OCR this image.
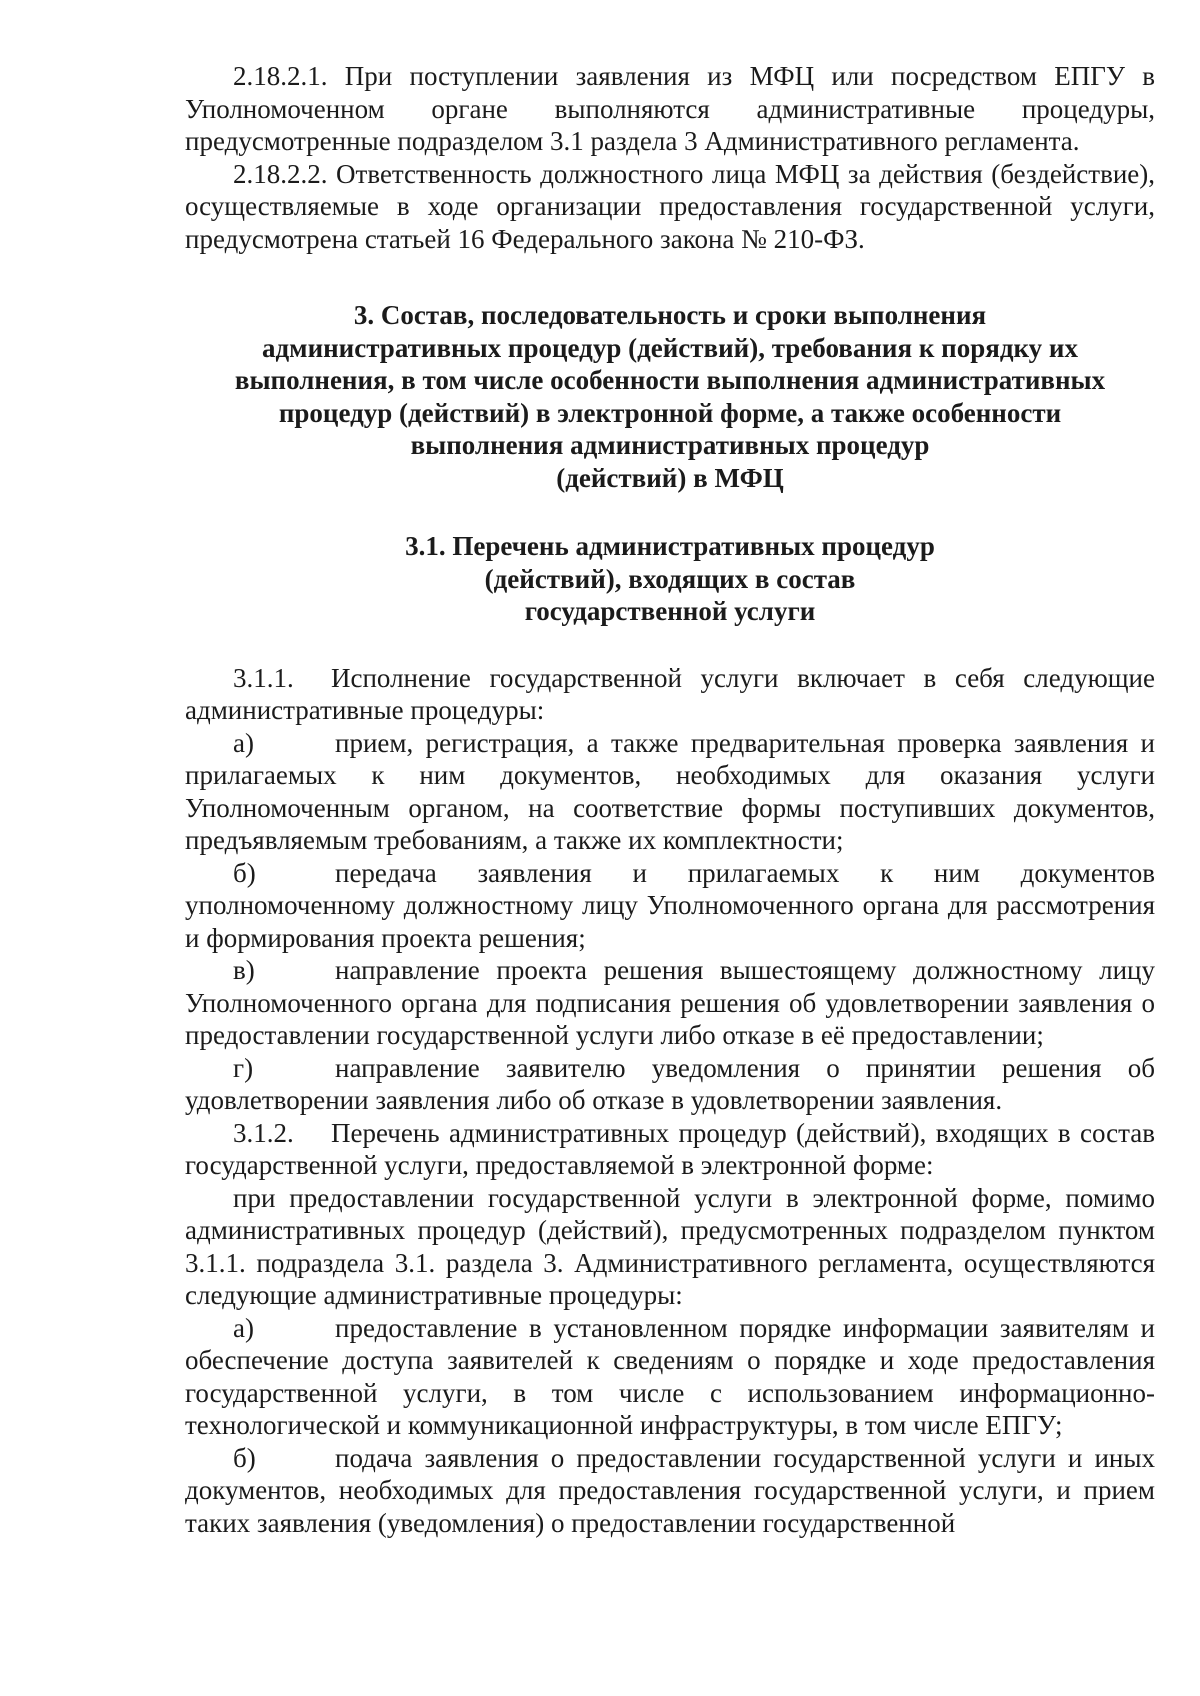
2.18.2.1. При поступлении заявления из МФЦ или посредством ЕПГУ в Уполномоченном органе выполняются административные процедуры, предусмотренные подразделом 3.1 раздела 3 Административного регламента.

2.18.2.2. Ответственность должностного лица МФЦ за действия (бездействие), осуществляемые в ходе организации предоставления государственной услуги, предусмотрена статьей 16 Федерального закона № 210-ФЗ.

3. Состав, последовательность и сроки выполнения
административных процедур (действий), требования к порядку их
выполнения, в том числе особенности выполнения административных
процедур (действий) в электронной форме, а также особенности
выполнения административных процедур
(действий) в МФЦ

3.1. Перечень административных процедур
(действий), входящих в состав
государственной услуги

3.1.1. Исполнение государственной услуги включает в себя следующие административные процедуры:

а)	прием, регистрация, а также предварительная проверка заявления и прилагаемых к ним документов, необходимых для оказания услуги Уполномоченным органом, на соответствие формы поступивших документов, предъявляемым требованиям, а также их комплектности;

б)	передача заявления и прилагаемых к ним документов уполномоченному должностному лицу Уполномоченного органа для рассмотрения и формирования проекта решения;

в)	направление проекта решения вышестоящему должностному лицу Уполномоченного органа для подписания решения об удовлетворении заявления о предоставлении государственной услуги либо отказе в её предоставлении;

г)	направление заявителю уведомления о принятии решения об удовлетворении заявления либо об отказе в удовлетворении заявления.

3.1.2. Перечень административных процедур (действий), входящих в состав государственной услуги, предоставляемой в электронной форме:

при предоставлении государственной услуги в электронной форме, помимо административных процедур (действий), предусмотренных подразделом пунктом 3.1.1. подраздела 3.1. раздела 3. Административного регламента, осуществляются следующие административные процедуры:

а)	предоставление в установленном порядке информации заявителям и обеспечение доступа заявителей к сведениям о порядке и ходе предоставления государственной услуги, в том числе с использованием информационно-технологической и коммуникационной инфраструктуры, в том числе ЕПГУ;

б)	подача заявления о предоставлении государственной услуги и иных документов, необходимых для предоставления государственной услуги, и прием таких заявления (уведомления) о предоставлении государственной
